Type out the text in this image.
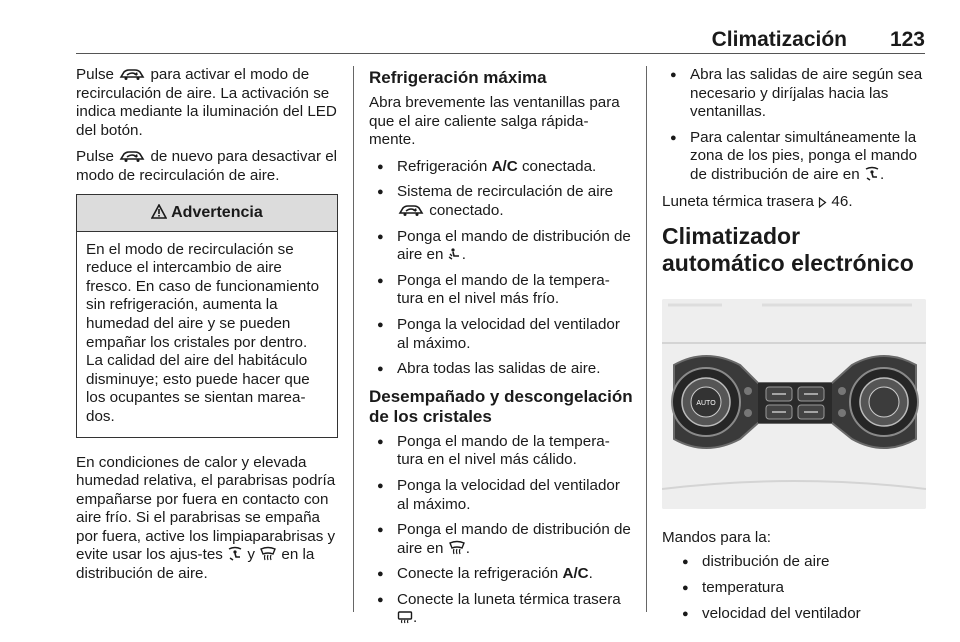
Climatización 123

Pulse para activar el modo de recirculación de aire. La activación se indica mediante la iluminación del LED del botón.

Pulse de nuevo para desactivar el modo de recirculación de aire.

Advertencia
En el modo de recirculación se reduce el intercambio de aire fresco. En caso de funcionamiento sin refrigeración, aumenta la humedad del aire y se pueden empañar los cristales por dentro. La calidad del aire del habitáculo disminuye; esto puede hacer que los ocupantes se sientan marea-dos.

En condiciones de calor y elevada humedad relativa, el parabrisas podría empañarse por fuera en contacto con aire frío. Si el parabrisas se empaña por fuera, active los limpiaparabrisas y evite usar los ajus-tes y en la distribución de aire.

Refrigeración máxima

Abra brevemente las ventanillas para que el aire caliente salga rápida-mente.

● Refrigeración A/C conectada.
● Sistema de recirculación de aire  conectado.
● Ponga el mando de distribución de aire en .
● Ponga el mando de la tempera-tura en el nivel más frío.
● Ponga la velocidad del ventilador al máximo.
● Abra todas las salidas de aire.
Desempañado y descongelación de los cristales
● Ponga el mando de la tempera-tura en el nivel más cálido.
● Ponga la velocidad del ventilador al máximo.
● Ponga el mando de distribución de aire en .
● Conecte la refrigeración A/C.
● Conecte la luneta térmica trasera .
● Abra las salidas de aire según sea necesario y diríjalas hacia las ventanillas.
● Para calentar simultáneamente la zona de los pies, ponga el mando de distribución de aire en .

Luneta térmica trasera 46.

Climatizador automático electrónico
AUTO

Mandos para la:

● distribución de aire
● temperatura
● velocidad del ventilador
